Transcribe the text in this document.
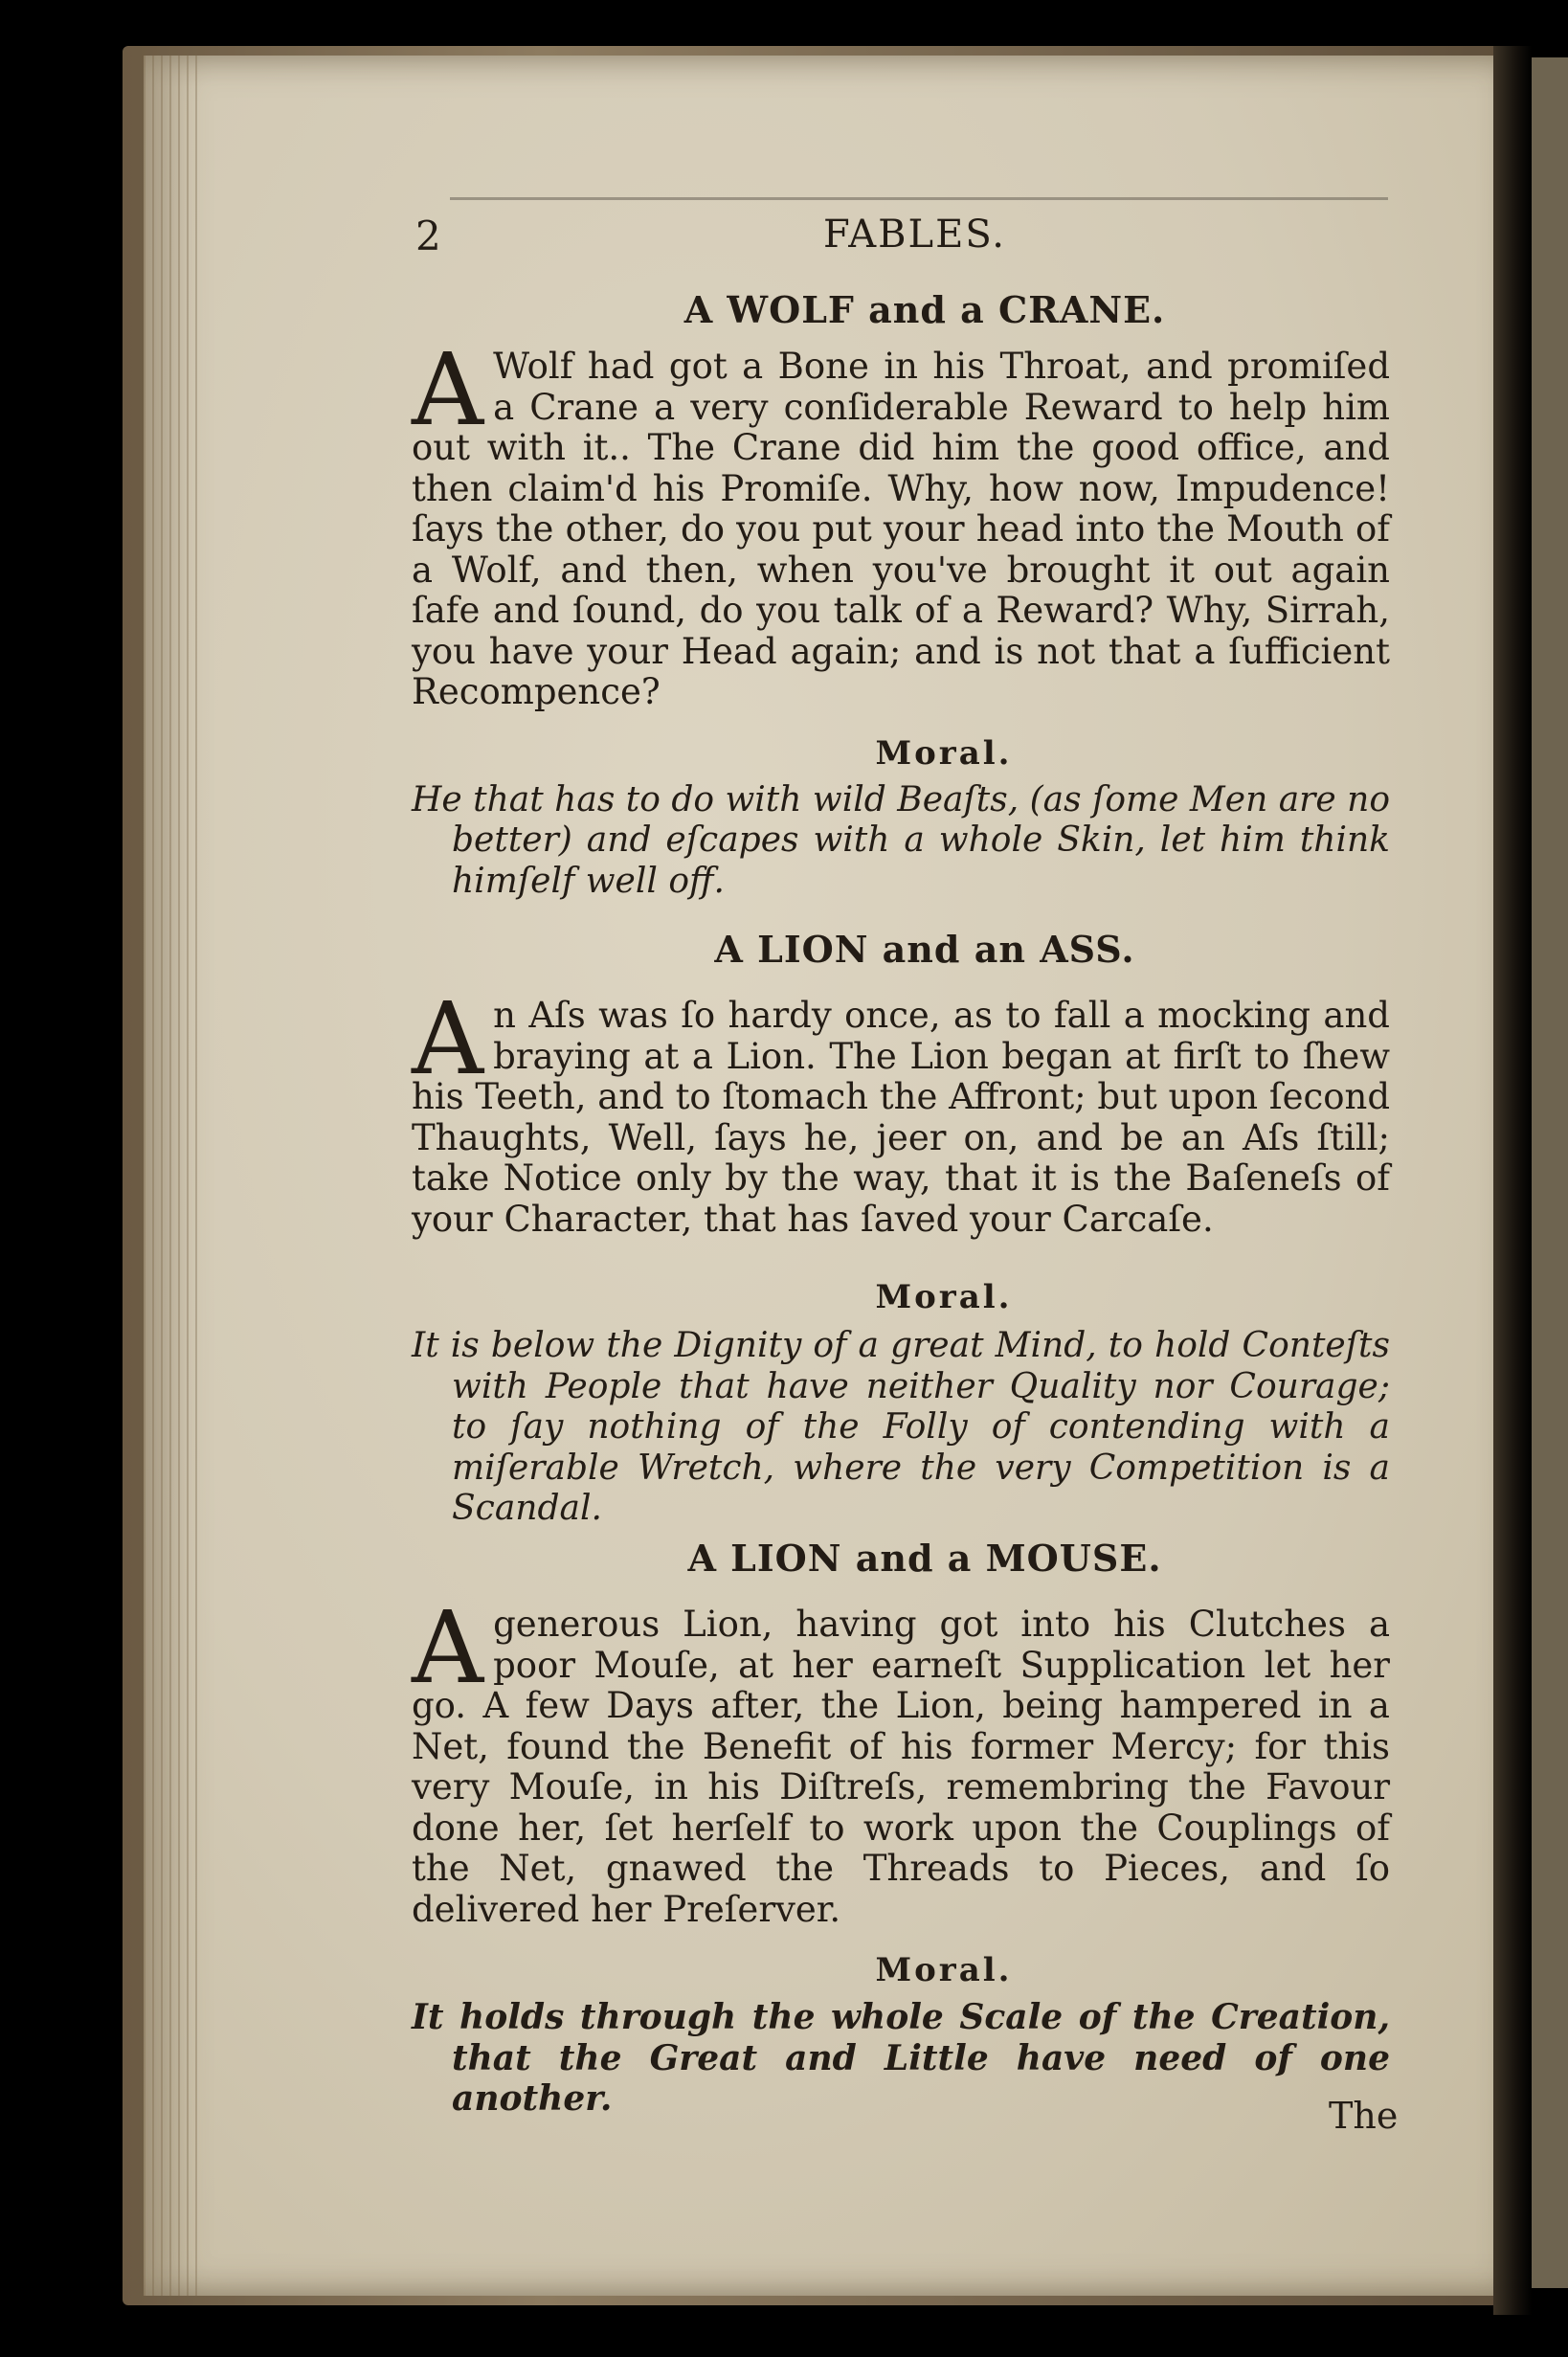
2	FABLES.
A WOLF and a CRANE.

A Wolf had got a Bone in his Throat, and promiſed a Crane a very conſiderable Reward to help him out with it.. The Crane did him the good office, and then claim'd his Promiſe. Why, how now, Impudence! ſays the other, do you put your head into the Mouth of a Wolf, and then, when you've brought it out again ſafe and ſound, do you talk of a Reward? Why, Sirrah, you have your Head again; and is not that a ſufficient Recompence?

Moral.

He that has to do with wild Beaſts, (as ſome Men are no better) and eſcapes with a whole Skin, let him think himſelf well off.

A LION and an ASS.

An Aſs was ſo hardy once, as to fall a mocking and braying at a Lion. The Lion began at firſt to ſhew his Teeth, and to ſtomach the Affront; but upon ſecond Thaughts, Well, ſays he, jeer on, and be an Aſs ſtill; take Notice only by the way, that it is the Baſeneſs of your Character, that has ſaved your Carcaſe.

Moral.

It is below the Dignity of a great Mind, to hold Conteſts with People that have neither Quality nor Courage; to ſay nothing of the Folly of contending with a miſerable Wretch, where the very Competition is a Scandal.

A LION and a MOUSE.

Agenerous Lion, having got into his Clutches a poor Mouſe, at her earneſt Supplication let her go. A few Days after, the Lion, being hampered in a Net, found the Benefit of his former Mercy; for this very Mouſe, in his Diſtreſs, remembring the Favour done her, ſet herſelf to work upon the Couplings of the Net, gnawed the Threads to Pieces, and ſo delivered her Preſerver.

Moral.

It holds through the whole Scale of the Creation, that the Great and Little have need of one another.	The
